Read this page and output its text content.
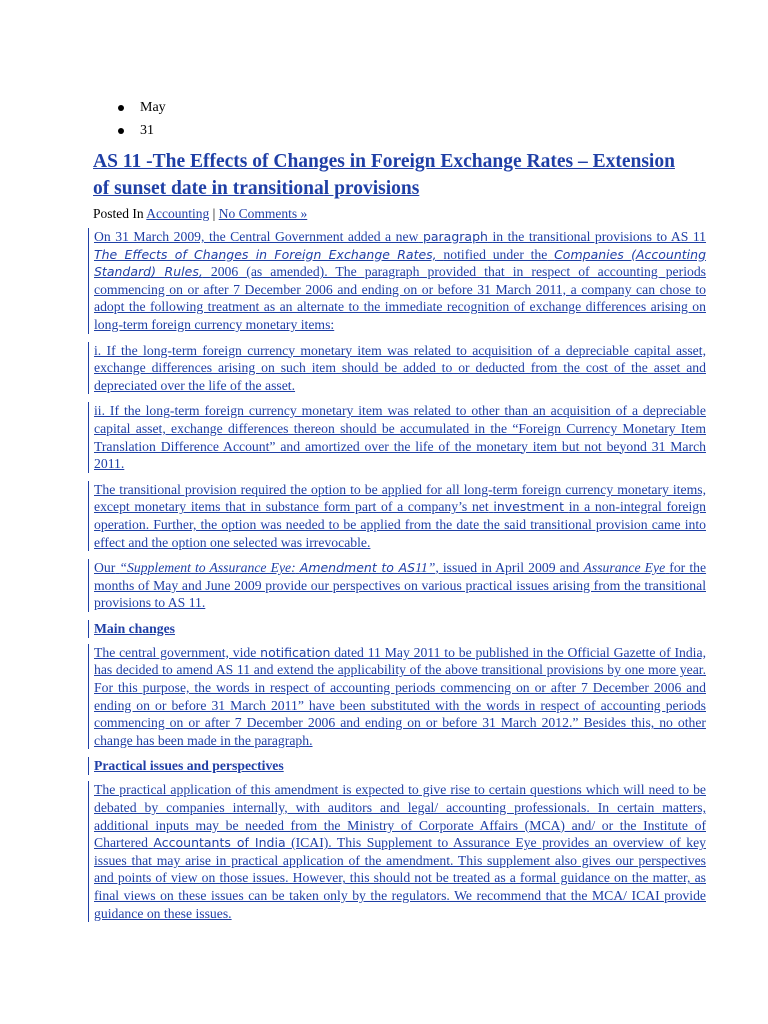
May
31
AS 11 -The Effects of Changes in Foreign Exchange Rates – Extension of sunset date in transitional provisions
Posted In Accounting | No Comments »
On 31 March 2009, the Central Government added a new paragraph in the transitional provisions to AS 11 The Effects of Changes in Foreign Exchange Rates, notified under the Companies (Accounting Standard) Rules, 2006 (as amended). The paragraph provided that in respect of accounting periods commencing on or after 7 December 2006 and ending on or before 31 March 2011, a company can chose to adopt the following treatment as an alternate to the immediate recognition of exchange differences arising on long-term foreign currency monetary items:
i. If the long-term foreign currency monetary item was related to acquisition of a depreciable capital asset, exchange differences arising on such item should be added to or deducted from the cost of the asset and depreciated over the life of the asset.
ii. If the long-term foreign currency monetary item was related to other than an acquisition of a depreciable capital asset, exchange differences thereon should be accumulated in the “Foreign Currency Monetary Item Translation Difference Account” and amortized over the life of the monetary item but not beyond 31 March 2011.
The transitional provision required the option to be applied for all long-term foreign currency monetary items, except monetary items that in substance form part of a company’s net investment in a non-integral foreign operation. Further, the option was needed to be applied from the date the said transitional provision came into effect and the option one selected was irrevocable.
Our “Supplement to Assurance Eye: Amendment to AS11”, issued in April 2009 and Assurance Eye for the months of May and June 2009 provide our perspectives on various practical issues arising from the transitional provisions to AS 11.
Main changes
The central government, vide notification dated 11 May 2011 to be published in the Official Gazette of India, has decided to amend AS 11 and extend the applicability of the above transitional provisions by one more year. For this purpose, the words in respect of accounting periods commencing on or after 7 December 2006 and ending on or before 31 March 2011” have been substituted with the words in respect of accounting periods commencing on or after 7 December 2006 and ending on or before 31 March 2012.” Besides this, no other change has been made in the paragraph.
Practical issues and perspectives
The practical application of this amendment is expected to give rise to certain questions which will need to be debated by companies internally, with auditors and legal/ accounting professionals. In certain matters, additional inputs may be needed from the Ministry of Corporate Affairs (MCA) and/ or the Institute of Chartered Accountants of India (ICAI). This Supplement to Assurance Eye provides an overview of key issues that may arise in practical application of the amendment. This supplement also gives our perspectives and points of view on those issues. However, this should not be treated as a formal guidance on the matter, as final views on these issues can be taken only by the regulators. We recommend that the MCA/ ICAI provide guidance on these issues.
